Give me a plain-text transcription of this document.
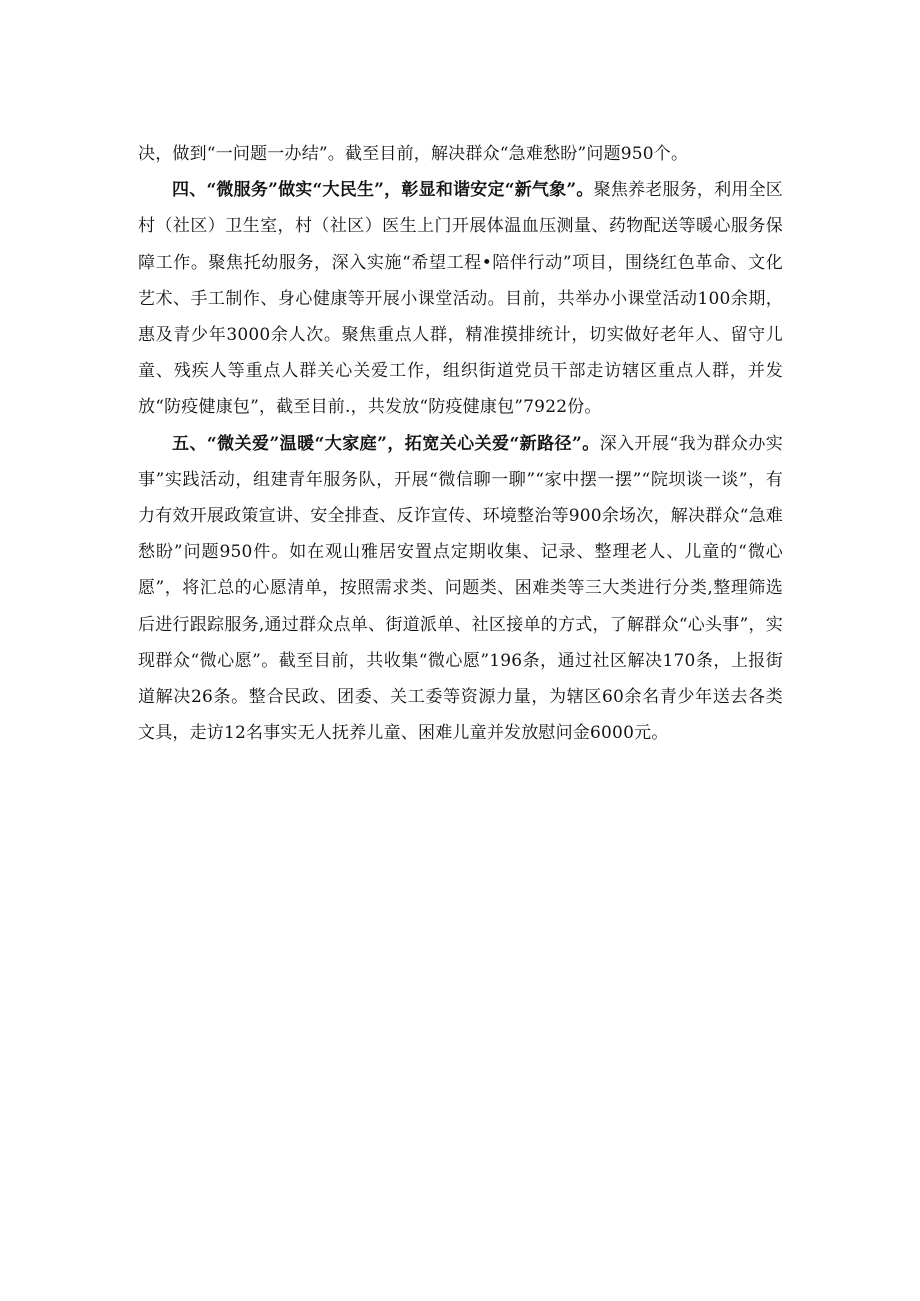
决，做到“一问题一办结”。截至目前，解决群众“急难愁盼”问题950个。

四、“微服务”做实“大民生”，彰显和谐安定“新气象”。聚焦养老服务，利用全区村（社区）卫生室，村（社区）医生上门开展体温血压测量、药物配送等暖心服务保障工作。聚焦托幼服务，深入实施“希望工程•陪伴行动”项目，围绕红色革命、文化艺术、手工制作、身心健康等开展小课堂活动。目前，共举办小课堂活动100余期，惠及青少年3000余人次。聚焦重点人群，精准摸排统计，切实做好老年人、留守儿童、残疾人等重点人群关心关爱工作，组织街道党员干部走访辖区重点人群，并发放“防疫健康包”，截至目前.，共发放“防疫健康包”7922份。

五、“微关爱”温暖“大家庭”，拓宽关心关爱“新路径”。深入开展“我为群众办实事”实践活动，组建青年服务队，开展“微信聊一聊”“家中摆一摆”“院坝谈一谈”，有力有效开展政策宣讲、安全排查、反诈宣传、环境整治等900余场次，解决群众“急难愁盼”问题950件。如在观山雅居安置点定期收集、记录、整理老人、儿童的“微心愿”，将汇总的心愿清单，按照需求类、问题类、困难类等三大类进行分类,整理筛选后进行跟踪服务,通过群众点单、街道派单、社区接单的方式，了解群众“心头事”，实现群众“微心愿”。截至目前，共收集“微心愿”196条，通过社区解决170条，上报街道解决26条。整合民政、团委、关工委等资源力量，为辖区60余名青少年送去各类文具，走访12名事实无人抚养儿童、困难儿童并发放慰问金6000元。
